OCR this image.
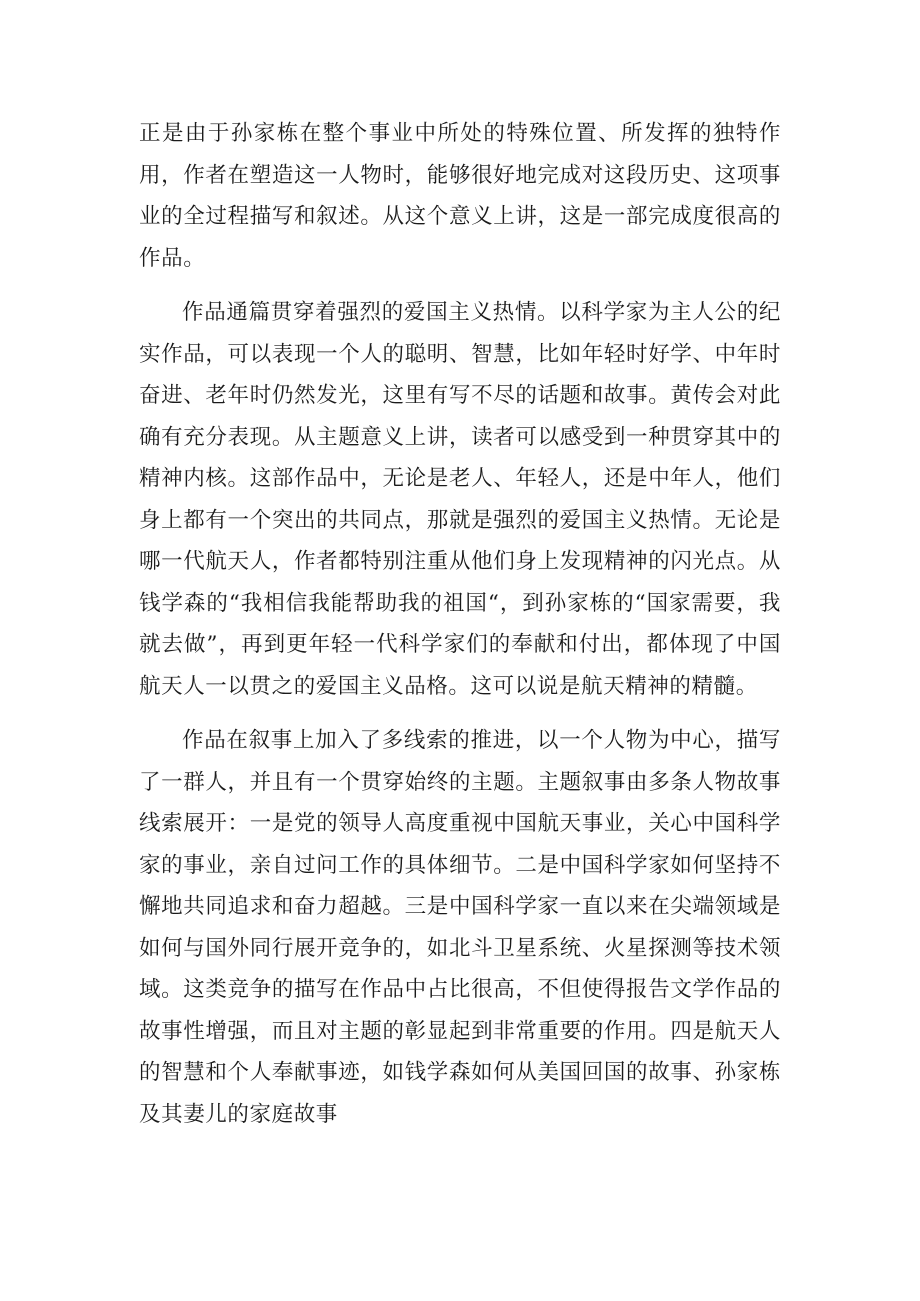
正是由于孙家栋在整个事业中所处的特殊位置、所发挥的独特作用，作者在塑造这一人物时，能够很好地完成对这段历史、这项事业的全过程描写和叙述。从这个意义上讲，这是一部完成度很高的作品。

作品通篇贯穿着强烈的爱国主义热情。以科学家为主人公的纪实作品，可以表现一个人的聪明、智慧，比如年轻时好学、中年时奋进、老年时仍然发光，这里有写不尽的话题和故事。黄传会对此确有充分表现。从主题意义上讲，读者可以感受到一种贯穿其中的精神内核。这部作品中，无论是老人、年轻人，还是中年人，他们身上都有一个突出的共同点，那就是强烈的爱国主义热情。无论是哪一代航天人，作者都特别注重从他们身上发现精神的闪光点。从钱学森的“我相信我能帮助我的祖国“，到孙家栋的“国家需要，我就去做”，再到更年轻一代科学家们的奉献和付出，都体现了中国航天人一以贯之的爱国主义品格。这可以说是航天精神的精髓。

作品在叙事上加入了多线索的推进，以一个人物为中心，描写了一群人，并且有一个贯穿始终的主题。主题叙事由多条人物故事线索展开：一是党的领导人高度重视中国航天事业，关心中国科学家的事业，亲自过问工作的具体细节。二是中国科学家如何坚持不懈地共同追求和奋力超越。三是中国科学家一直以来在尖端领域是如何与国外同行展开竞争的，如北斗卫星系统、火星探测等技术领域。这类竞争的描写在作品中占比很高，不但使得报告文学作品的故事性增强，而且对主题的彰显起到非常重要的作用。四是航天人的智慧和个人奉献事迹，如钱学森如何从美国回国的故事、孙家栋及其妻儿的家庭故事
